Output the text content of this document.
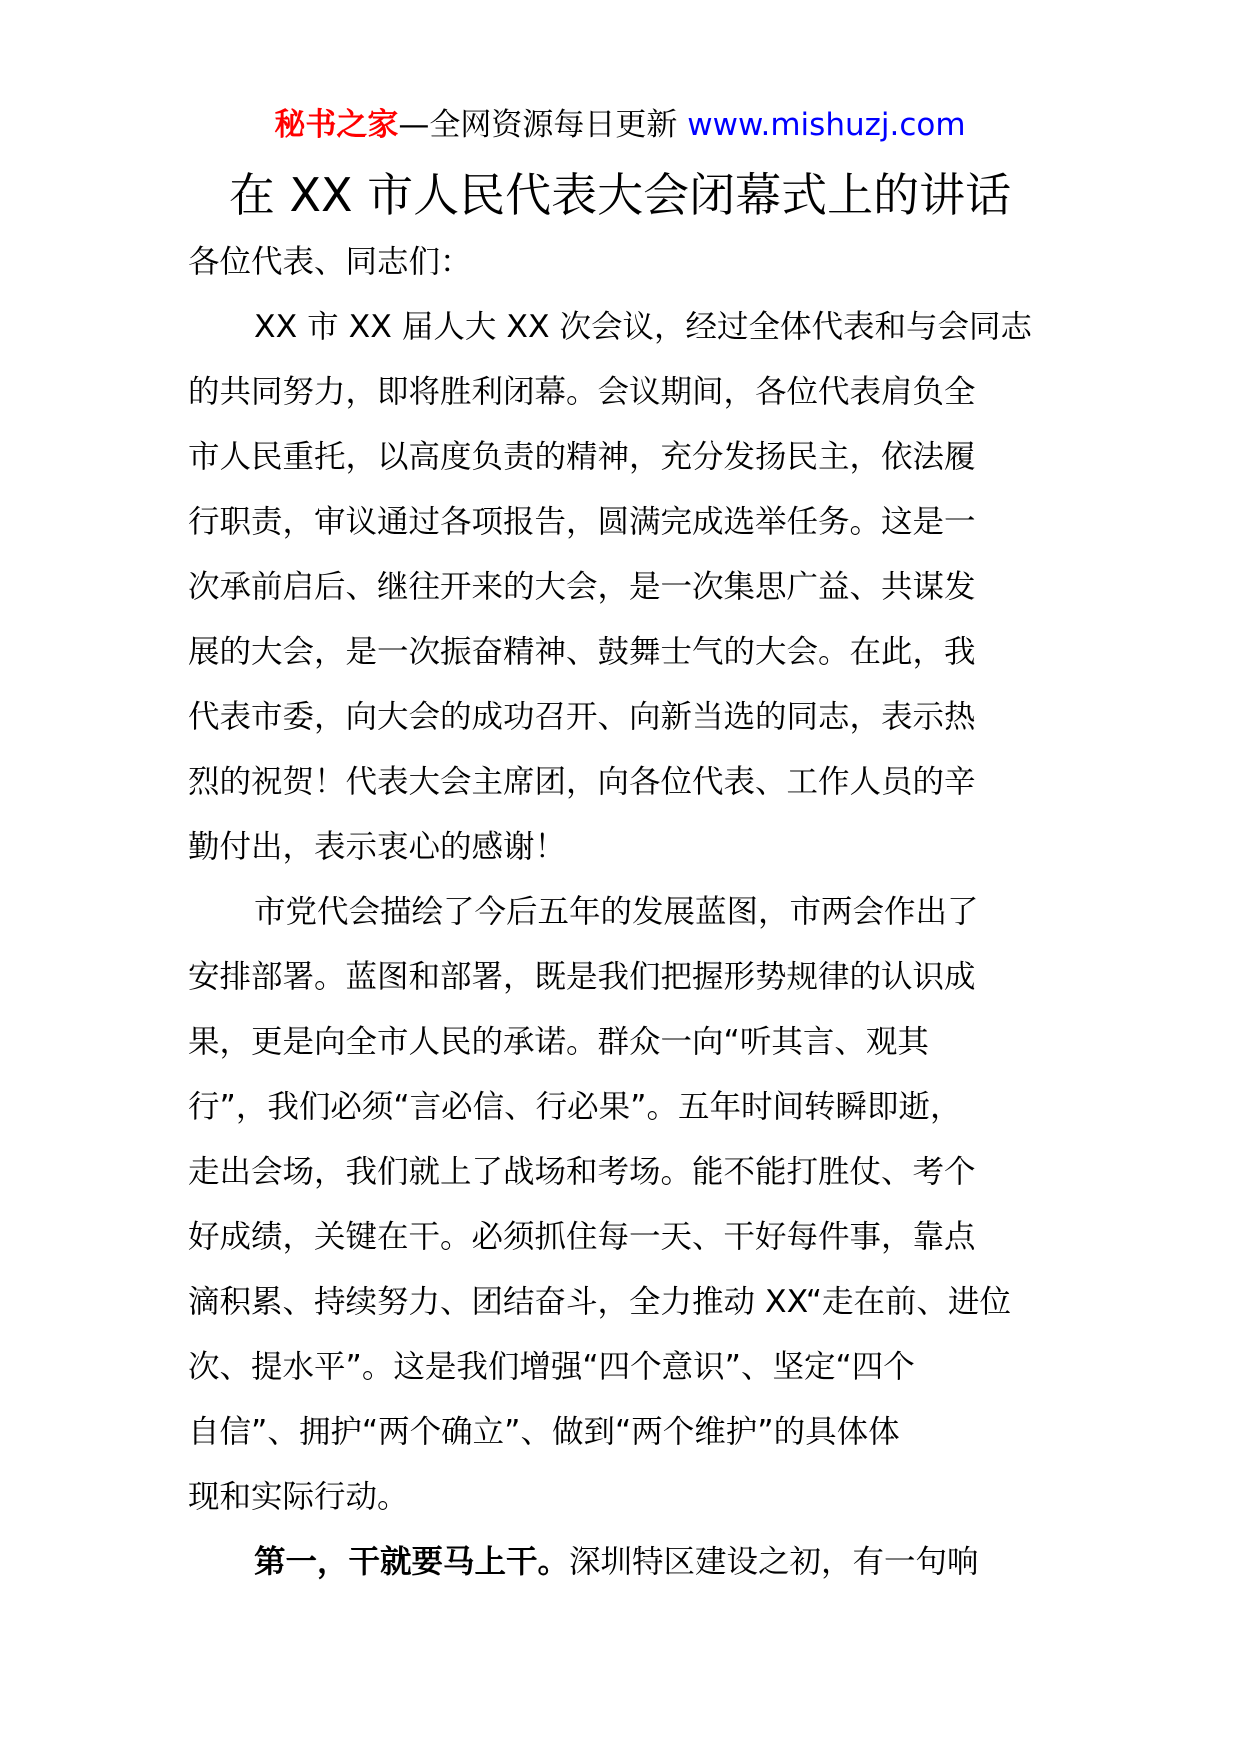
秘书之家—全网资源每日更新 www.mishuzj.com
在 XX 市人民代表大会闭幕式上的讲话

各位代表、同志们：

XX 市 XX 届人大 XX 次会议，经过全体代表和与会同志
的共同努力，即将胜利闭幕。会议期间，各位代表肩负全
市人民重托，以高度负责的精神，充分发扬民主，依法履
行职责，审议通过各项报告，圆满完成选举任务。这是一
次承前启后、继往开来的大会，是一次集思广益、共谋发
展的大会，是一次振奋精神、鼓舞士气的大会。在此，我
代表市委，向大会的成功召开、向新当选的同志，表示热
烈的祝贺！代表大会主席团，向各位代表、工作人员的辛
勤付出，表示衷心的感谢！

市党代会描绘了今后五年的发展蓝图，市两会作出了
安排部署。蓝图和部署，既是我们把握形势规律的认识成
果，更是向全市人民的承诺。群众一向“听其言、观其
行”，我们必须“言必信、行必果”。五年时间转瞬即逝，
走出会场，我们就上了战场和考场。能不能打胜仗、考个
好成绩，关键在干。必须抓住每一天、干好每件事，靠点
滴积累、持续努力、团结奋斗，全力推动 XX“走在前、进位
次、提水平”。这是我们增强“四个意识”、坚定“四个
自信”、拥护“两个确立”、做到“两个维护”的具体体
现和实际行动。

第一，干就要马上干。深圳特区建设之初，有一句响
